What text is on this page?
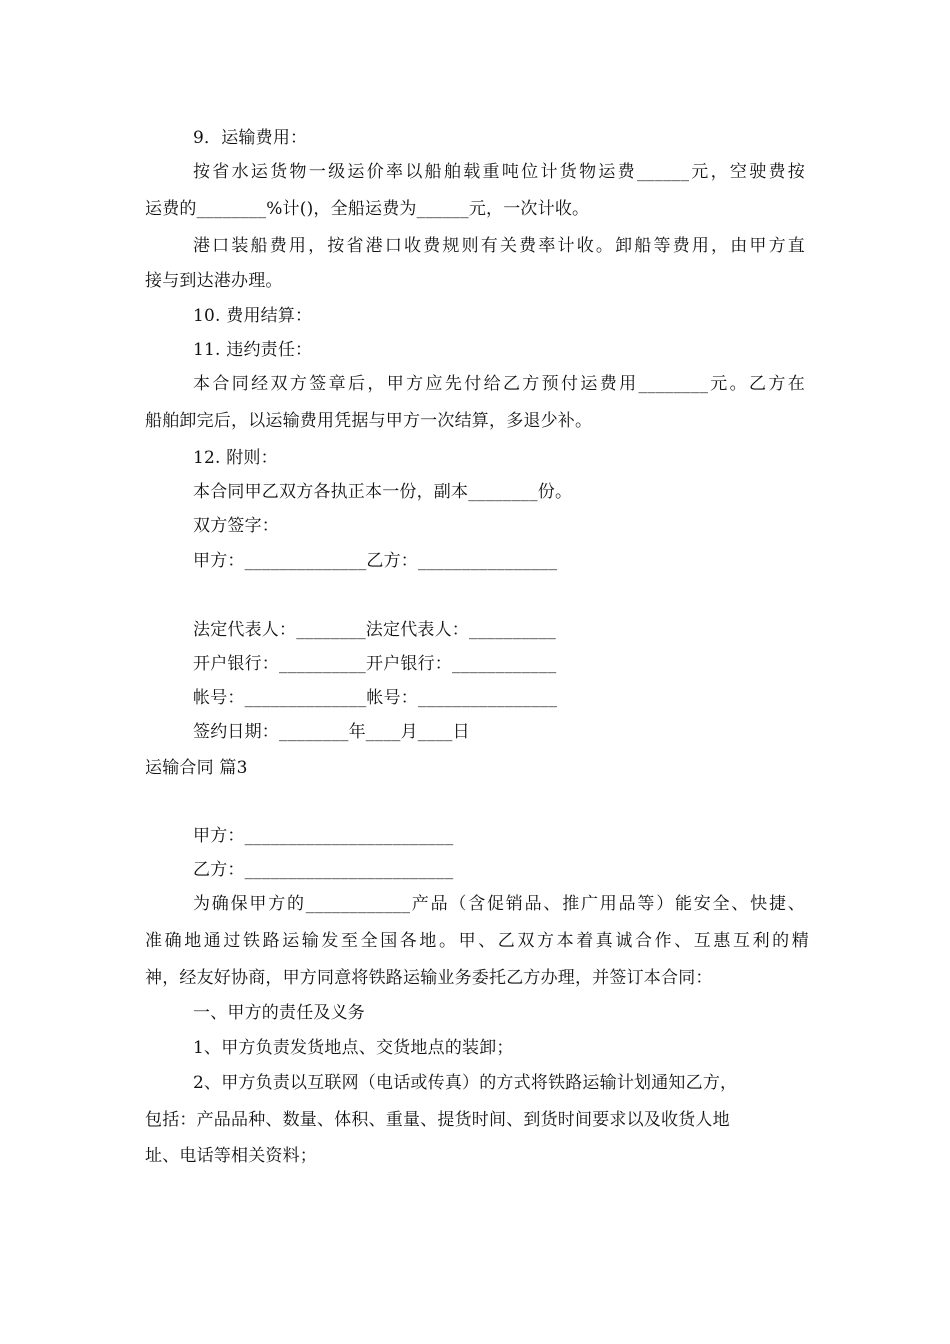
9．运输费用：
按省水运货物一级运价率以船舶载重吨位计货物运费______元，空驶费按
运费的________%计()，全船运费为______元，一次计收。
港口装船费用，按省港口收费规则有关费率计收。卸船等费用，由甲方直
接与到达港办理。
10. 费用结算：
11. 违约责任：
本合同经双方签章后，甲方应先付给乙方预付运费用________元。乙方在
船舶卸完后，以运输费用凭据与甲方一次结算，多退少补。
12. 附则：
本合同甲乙双方各执正本一份，副本________份。
双方签字：
甲方：______________乙方：________________
法定代表人：________法定代表人：__________
开户银行：__________开户银行：____________
帐号：______________帐号：________________
签约日期：________年____月____日
运输合同 篇3
甲方：________________________
乙方：________________________
为确保甲方的____________产品（含促销品、推广用品等）能安全、快捷、
准确地通过铁路运输发至全国各地。甲、乙双方本着真诚合作、互惠互利的精
神，经友好协商，甲方同意将铁路运输业务委托乙方办理，并签订本合同：
一、甲方的责任及义务
1、甲方负责发货地点、交货地点的装卸；
2、甲方负责以互联网（电话或传真）的方式将铁路运输计划通知乙方，
包括：产品品种、数量、体积、重量、提货时间、到货时间要求以及收货人地
址、电话等相关资料；
